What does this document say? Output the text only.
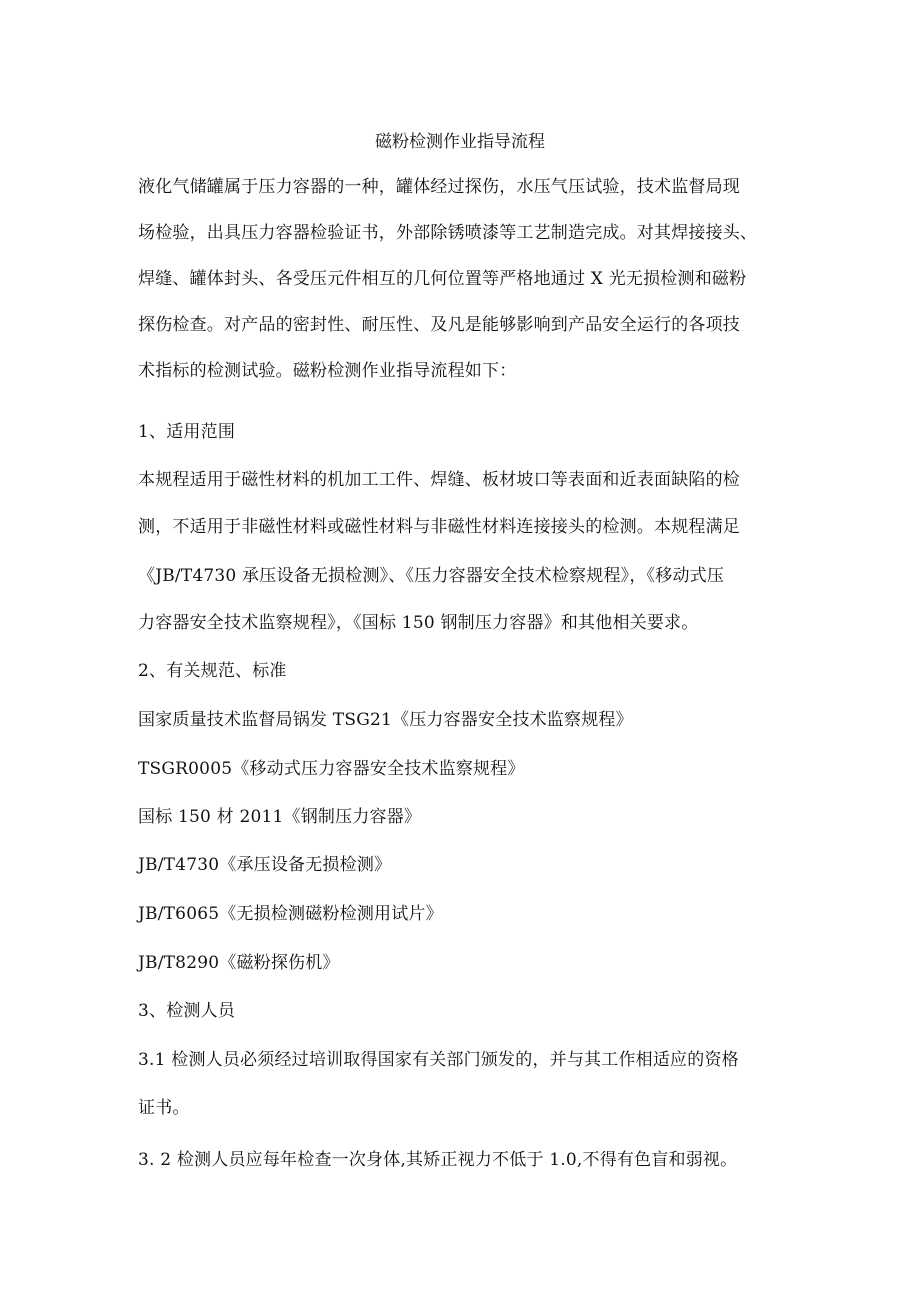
磁粉检测作业指导流程
液化气储罐属于压力容器的一种，罐体经过探伤，水压气压试验，技术监督局现
场检验，出具压力容器检验证书，外部除锈喷漆等工艺制造完成。对其焊接接头、
焊缝、罐体封头、各受压元件相互的几何位置等严格地通过 X 光无损检测和磁粉
探伤检查。对产品的密封性、耐压性、及凡是能够影响到产品安全运行的各项技
术指标的检测试验。磁粉检测作业指导流程如下：
1、适用范围
本规程适用于磁性材料的机加工工件、焊缝、板材坡口等表面和近表面缺陷的检
测，不适用于非磁性材料或磁性材料与非磁性材料连接接头的检测。本规程满足
《JB/T4730 承压设备无损检测》、《压力容器安全技术检察规程》，《移动式压
力容器安全技术监察规程》，《国标 150 钢制压力容器》和其他相关要求。
2、有关规范、标准
国家质量技术监督局锅发 TSG21《压力容器安全技术监察规程》
TSGR0005《移动式压力容器安全技术监察规程》
国标 150 材 2011《钢制压力容器》
JB/T4730《承压设备无损检测》
JB/T6065《无损检测磁粉检测用试片》
JB/T8290《磁粉探伤机》
3、检测人员
3.1 检测人员必须经过培训取得国家有关部门颁发的，并与其工作相适应的资格
证书。
3. 2 检测人员应每年检查一次身体,其矫正视力不低于 1.0,不得有色盲和弱视。
